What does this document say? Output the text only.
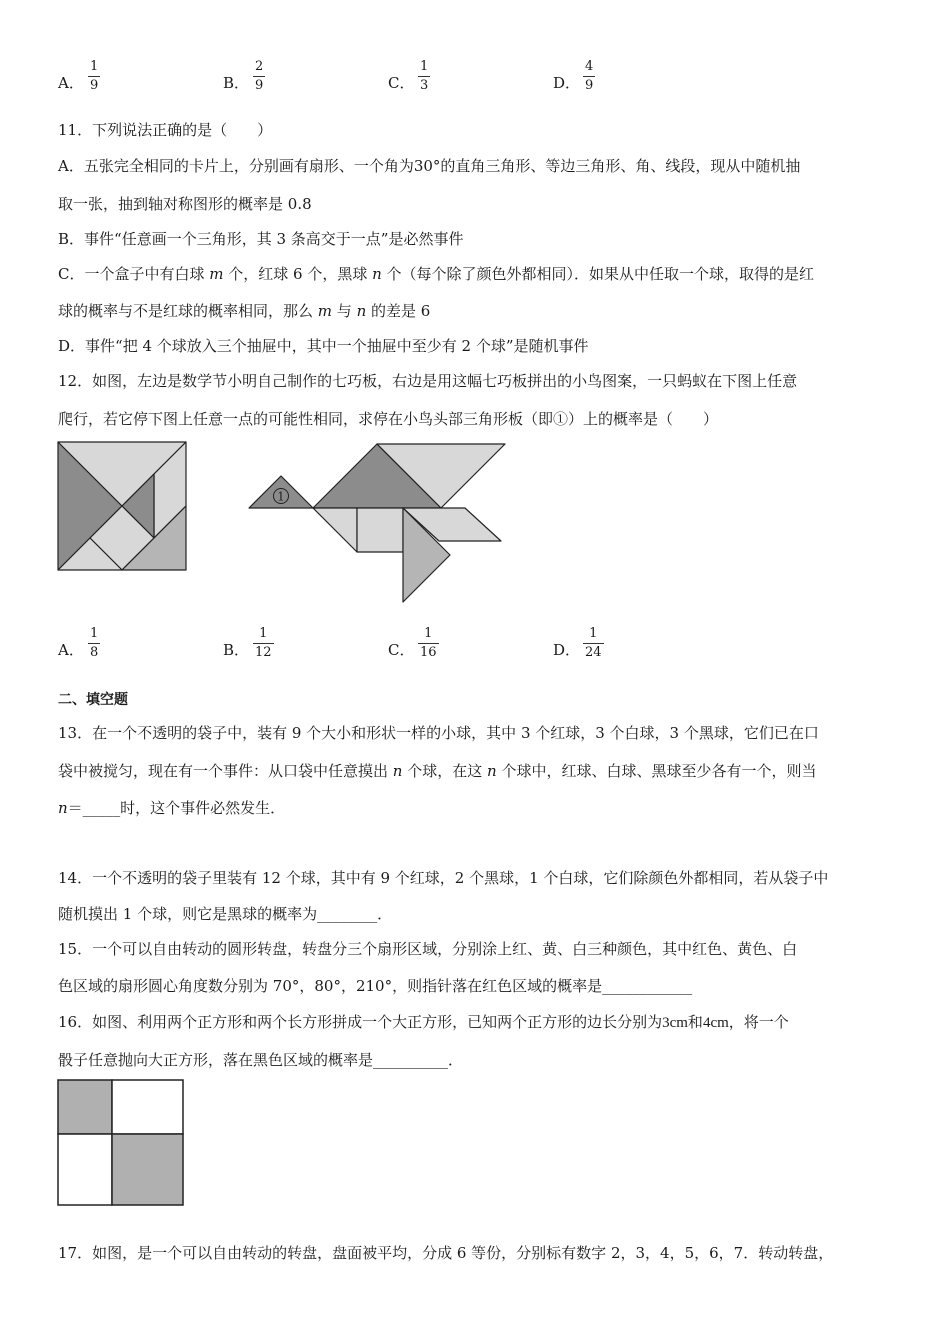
A．
1
9	B．
2
9	C．
1
3	D．
4
9
11．下列说法正确的是（　　）
A．五张完全相同的卡片上，分别画有扇形、一个角为30°的直角三角形、等边三角形、角、线段，现从中随机抽
取一张，抽到轴对称图形的概率是 0.8
B．事件“任意画一个三角形，其 3 条高交于一点”是必然事件
C．一个盒子中有白球 m 个，红球 6 个，黑球 n 个（每个除了颜色外都相同）．如果从中任取一个球，取得的是红
球的概率与不是红球的概率相同，那么 m 与 n 的差是 6
D．事件“把 4 个球放入三个抽屉中，其中一个抽屉中至少有 2 个球”是随机事件
12．如图，左边是数学节小明自己制作的七巧板，右边是用这幅七巧板拼出的小鸟图案，一只蚂蚁在下图上任意
爬行，若它停下图上任意一点的可能性相同，求停在小鸟头部三角形板（即①）上的概率是（　　）
1
A．
1
8	B．
1
12	C．
1
16	D．
1
24
二、填空题
13．在一个不透明的袋子中，装有 9 个大小和形状一样的小球，其中 3 个红球，3 个白球，3 个黑球，它们已在口
袋中被搅匀，现在有一个事件：从口袋中任意摸出 n 个球，在这 n 个球中，红球、白球、黑球至少各有一个，则当
n＝_____时，这个事件必然发生．
14．一个不透明的袋子里装有 12 个球，其中有 9 个红球，2 个黑球，1 个白球，它们除颜色外都相同，若从袋子中
随机摸出 1 个球，则它是黑球的概率为________．
15．一个可以自由转动的圆形转盘，转盘分三个扇形区域，分别涂上红、黄、白三种颜色，其中红色、黄色、白
色区域的扇形圆心角度数分别为 70°，80°，210°，则指针落在红色区域的概率是____________
16．如图、利用两个正方形和两个长方形拼成一个大正方形，已知两个正方形的边长分别为3cm和4cm，将一个
骰子任意抛向大正方形，落在黑色区域的概率是__________．
17．如图，是一个可以自由转动的转盘，盘面被平均，分成 6 等份，分别标有数字 2，3，4，5，6，7．转动转盘，
